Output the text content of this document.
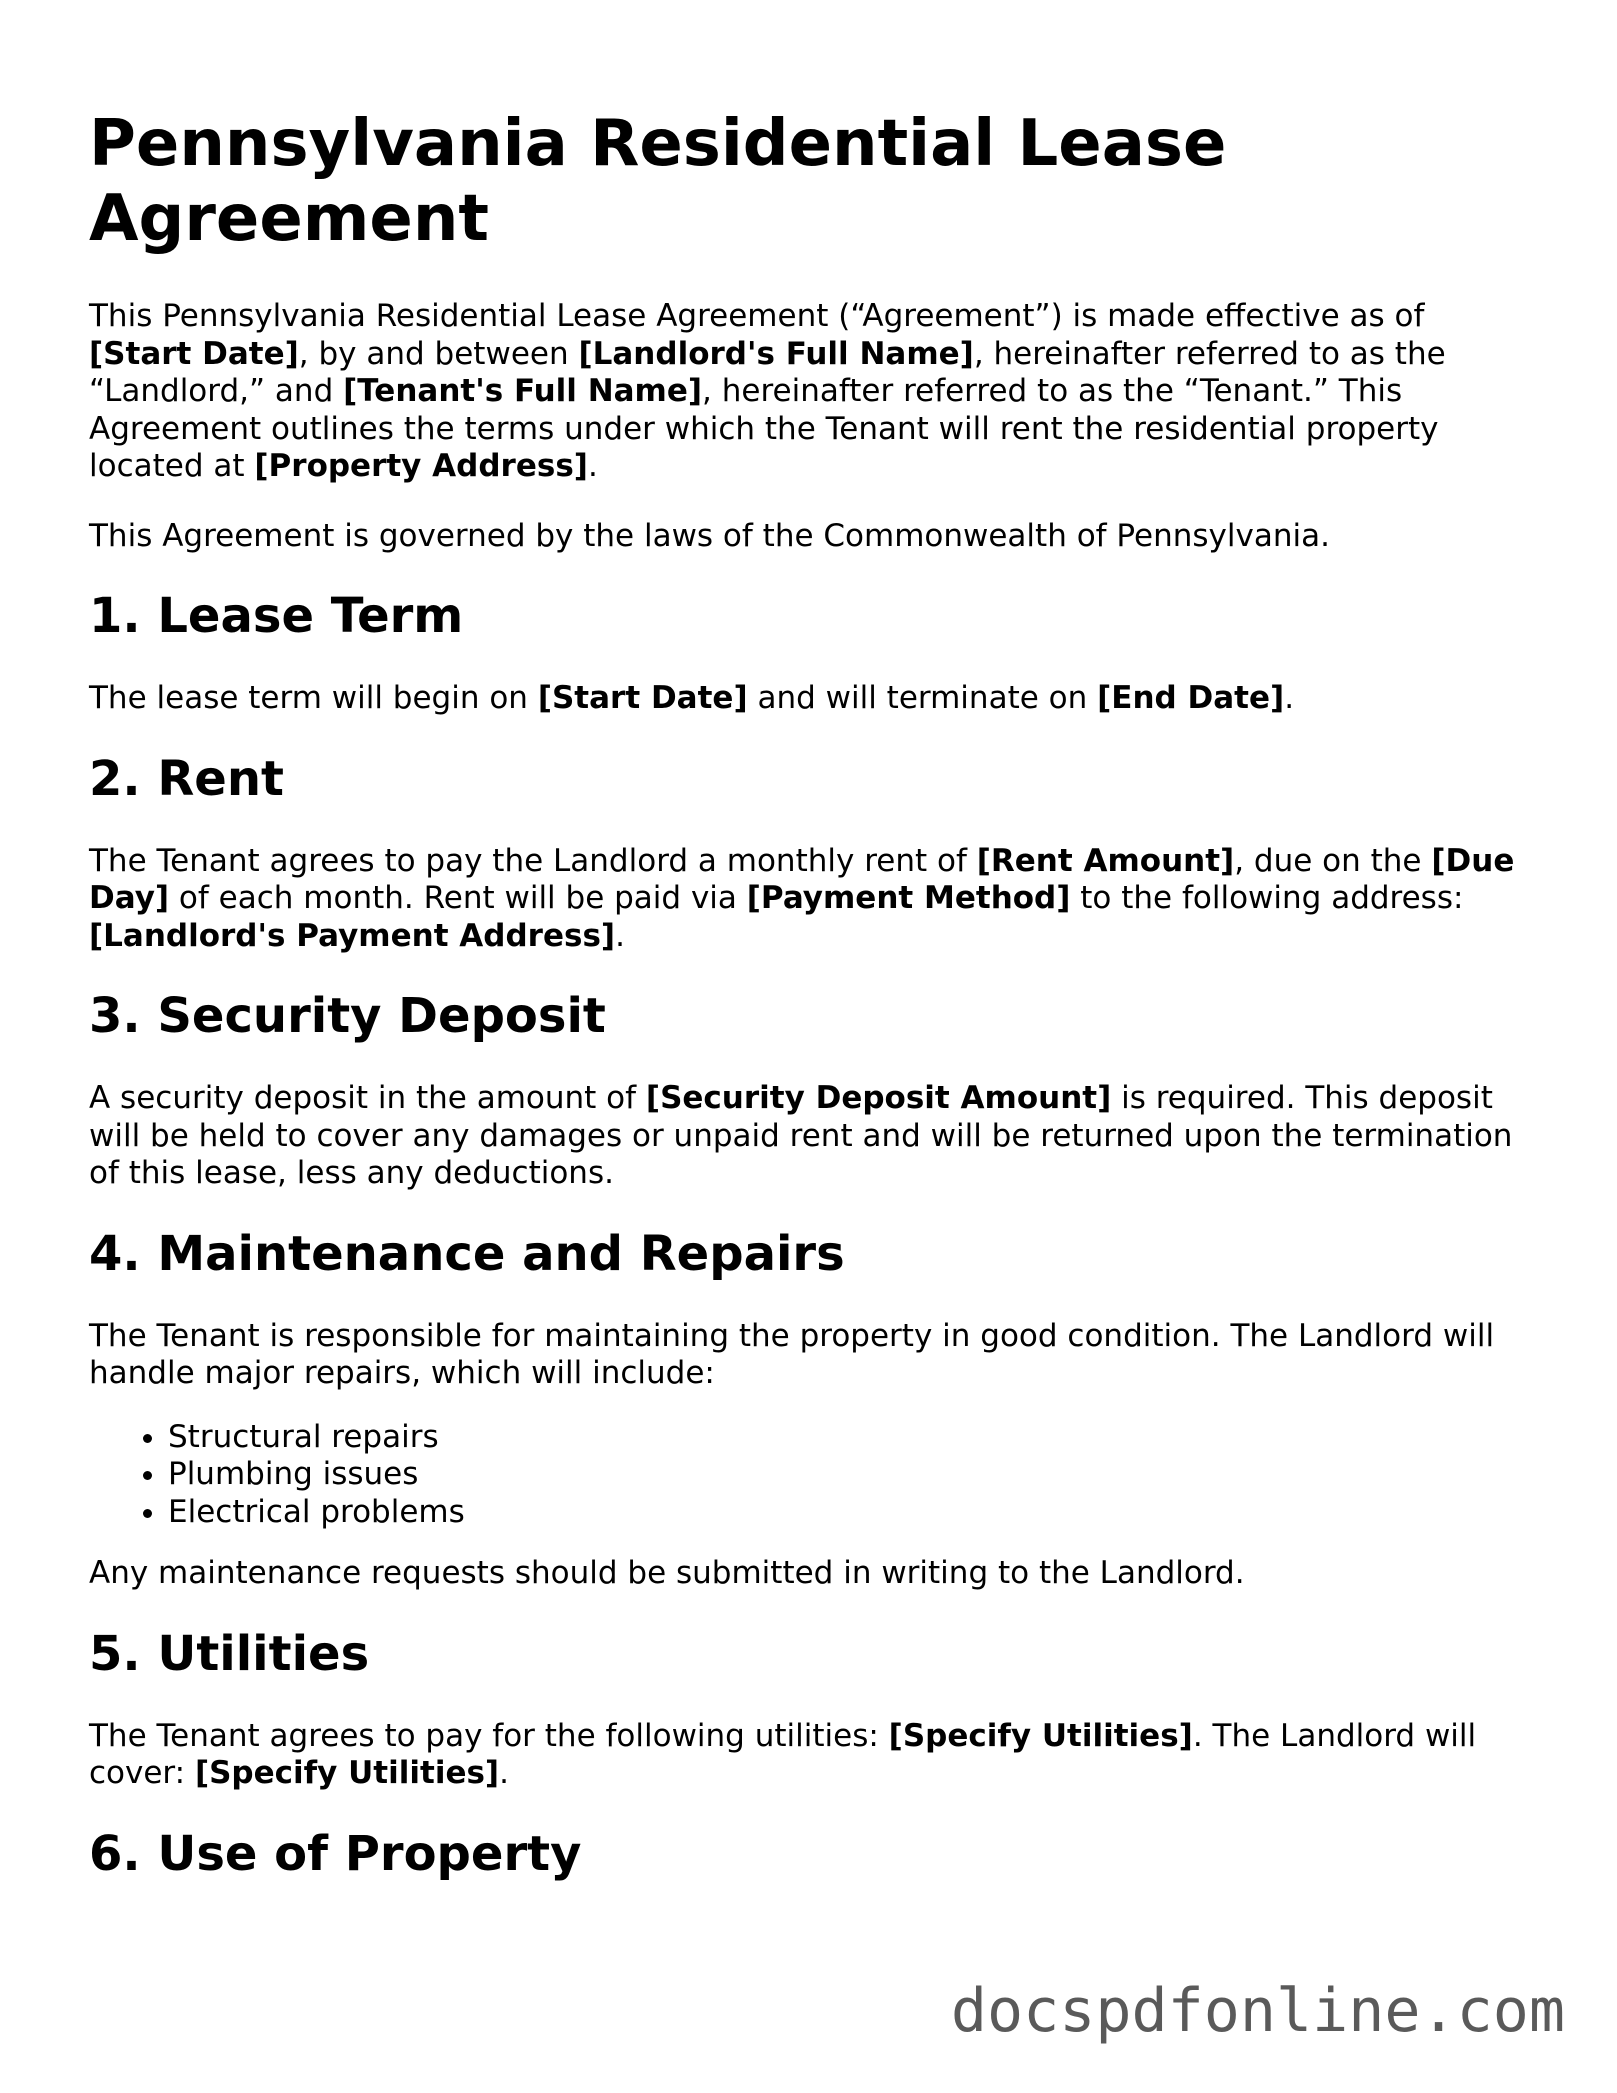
Pennsylvania Residential Lease Agreement

This Pennsylvania Residential Lease Agreement (“Agreement”) is made effective as of [Start Date], by and between [Landlord's Full Name], hereinafter referred to as the “Landlord,” and [Tenant's Full Name], hereinafter referred to as the “Tenant.” This Agreement outlines the terms under which the Tenant will rent the residential property located at [Property Address].

This Agreement is governed by the laws of the Commonwealth of Pennsylvania.

1. Lease Term

The lease term will begin on [Start Date] and will terminate on [End Date].

2. Rent

The Tenant agrees to pay the Landlord a monthly rent of [Rent Amount], due on the [Due Day] of each month. Rent will be paid via [Payment Method] to the following address: [Landlord's Payment Address].

3. Security Deposit

A security deposit in the amount of [Security Deposit Amount] is required. This deposit will be held to cover any damages or unpaid rent and will be returned upon the termination of this lease, less any deductions.

4. Maintenance and Repairs

The Tenant is responsible for maintaining the property in good condition. The Landlord will handle major repairs, which will include:

• Structural repairs
• Plumbing issues
• Electrical problems

Any maintenance requests should be submitted in writing to the Landlord.

5. Utilities

The Tenant agrees to pay for the following utilities: [Specify Utilities]. The Landlord will cover: [Specify Utilities].

6. Use of Property
docspdfonline.com
